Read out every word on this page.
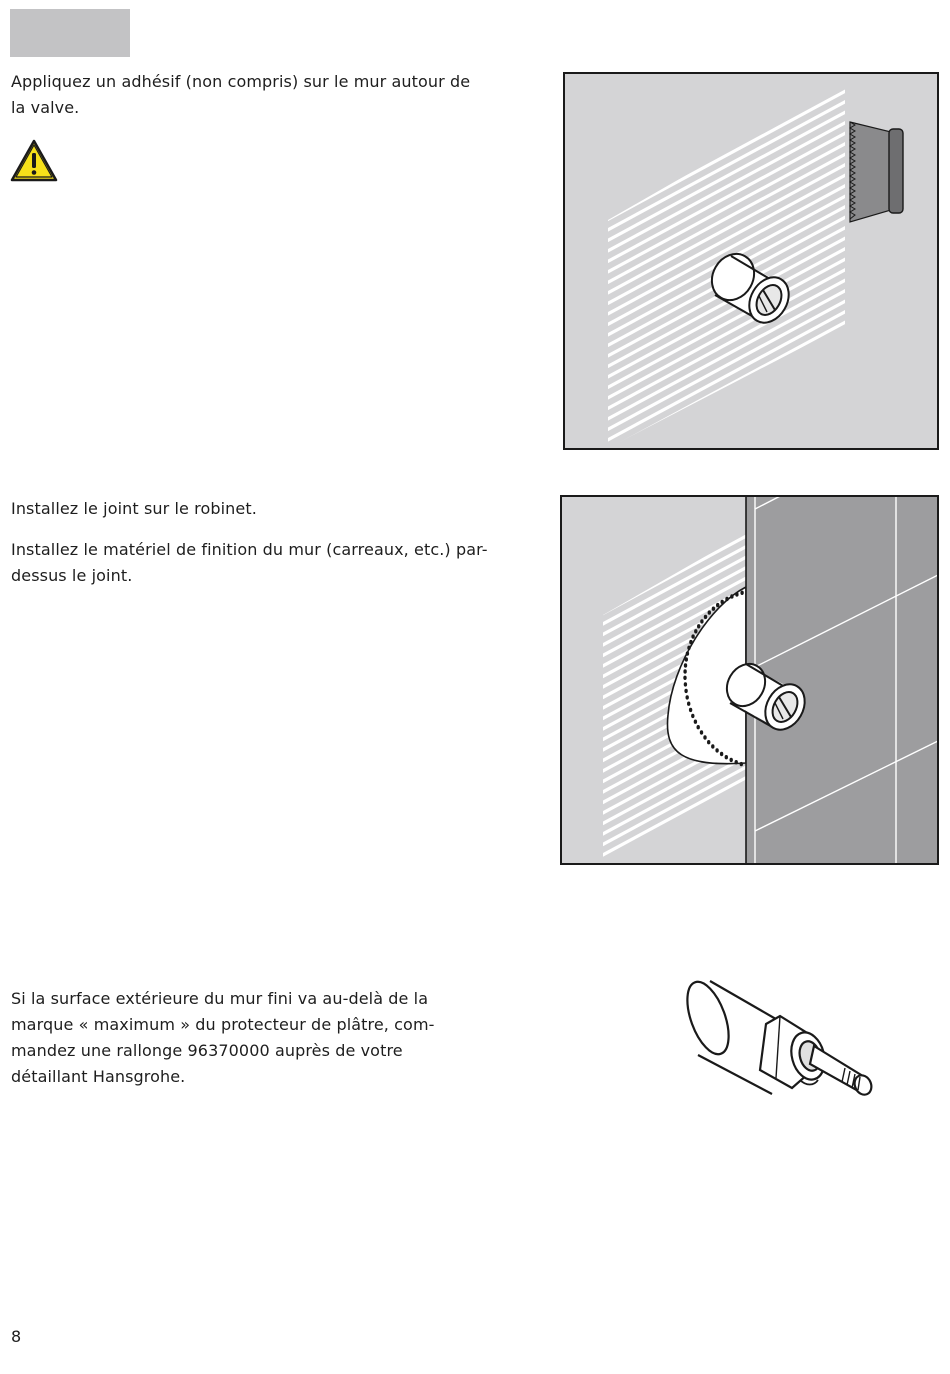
Appliquez un adhésif (non compris) sur le mur autour de
la valve.
Installez le joint sur le robinet.
Installez le matériel de finition du mur (carreaux, etc.) par-
dessus le joint.
Si la surface extérieure du mur fini va au-delà de la
marque « maximum » du protecteur de plâtre, com-
mandez une rallonge 96370000 auprès de votre
détaillant Hansgrohe.
8
